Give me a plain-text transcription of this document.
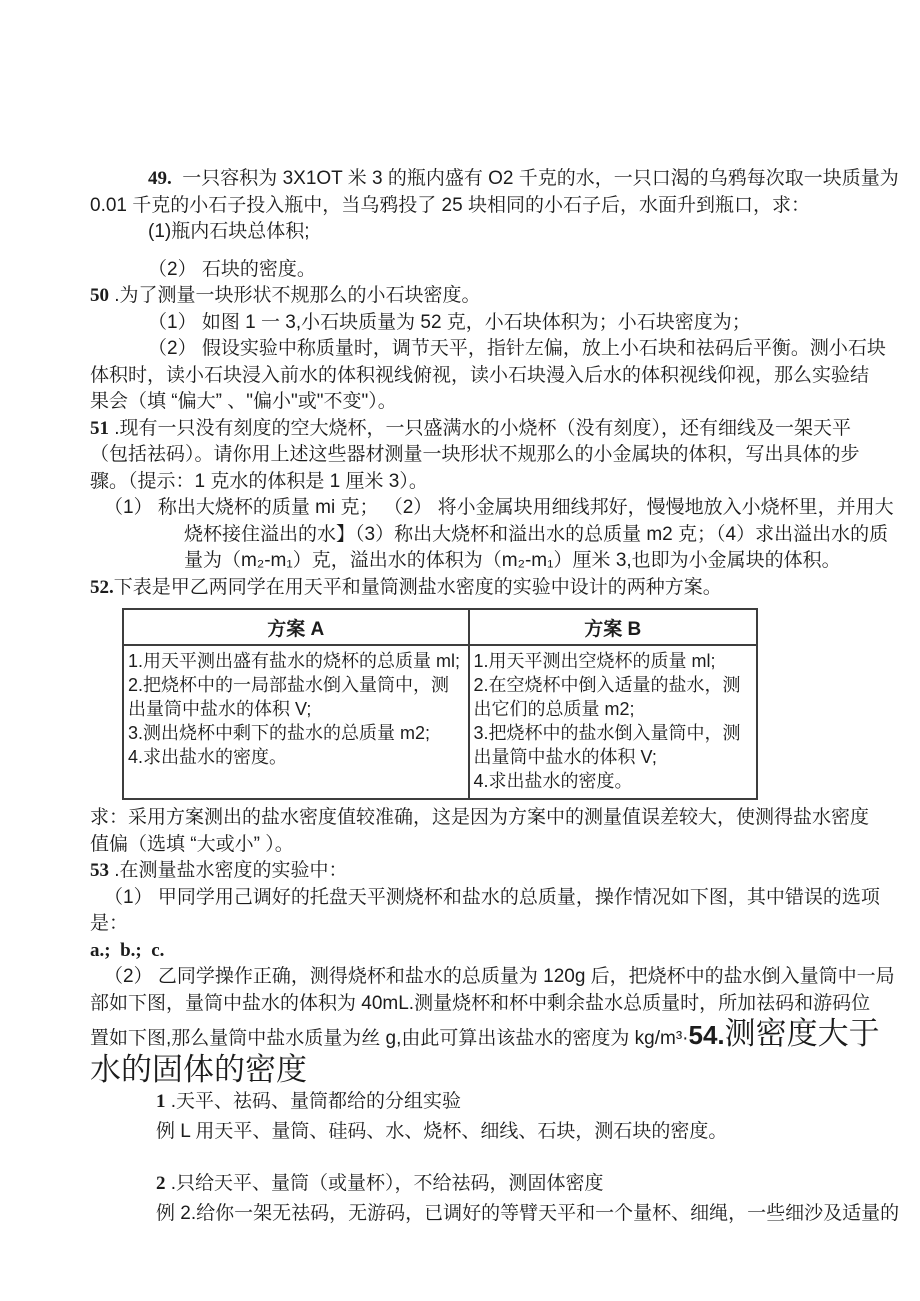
49.  一只容积为 3X1OT 米 3 的瓶内盛有 O2 千克的水，一只口渴的乌鸦每次取一块质量为

0.01 千克的小石子投入瓶中，当乌鸦投了 25 块相同的小石子后，水面升到瓶口，求：

(1)瓶内石块总体积;

（2） 石块的密度。

50 .为了测量一块形状不规那么的小石块密度。

（1） 如图 1 一 3,小石块质量为 52 克，小石块体积为；小石块密度为；

（2） 假设实验中称质量时，调节天平，指针左偏，放上小石块和祛码后平衡。测小石块

体积时，读小石块浸入前水的体积视线俯视，读小石块漫入后水的体积视线仰视，那么实验结

果会（填 “偏大” 、"偏小"或"不变"）。

51 .现有一只没有刻度的空大烧杯，一只盛满水的小烧杯（没有刻度），还有细线及一架天平

（包括祛码）。请你用上述这些器材测量一块形状不规那么的小金属块的体积，写出具体的步

骤。（提示：1 克水的体积是 1 厘米 3）。

（1） 称出大烧杯的质量 mi 克； （2） 将小金属块用细线邦好，慢慢地放入小烧杯里，并用大

烧杯接住溢出的水】（3）称出大烧杯和溢出水的总质量 m2 克；（4）求出溢出水的质

量为（m₂-m₁）克，溢出水的体积为（m₂-m₁）厘米 3,也即为小金属块的体积。

52.下表是甲乙两同学在用天平和量筒测盐水密度的实验中设计的两种方案。

方案 A	方案 B

1.用天平测出盛有盐水的烧杯的总质量 ml;

2.把烧杯中的一局部盐水倒入量筒中，测出量筒中盐水的体积 V;

3.测出烧杯中剩下的盐水的总质量 m2;

4.求出盐水的密度。

1.用天平测出空烧杯的质量 ml;

2.在空烧杯中倒入适量的盐水，测出它们的总质量 m2;

3.把烧杯中的盐水倒入量筒中，测出量筒中盐水的体积 V;

4.求出盐水的密度。

求：采用方案测出的盐水密度值较准确，这是因为方案中的测量值误差较大，使测得盐水密度

值偏（选填 “大或小” ）。

53 .在测量盐水密度的实验中：

（1） 甲同学用己调好的托盘天平测烧杯和盐水的总质量，操作情况如下图，其中错误的选项

是：

a.;  b.;  c.

（2） 乙同学操作正确，测得烧杯和盐水的总质量为 120g 后，把烧杯中的盐水倒入量筒中一局

部如下图，量筒中盐水的体积为 40mL.测量烧杯和杯中剩余盐水总质量时，所加祛码和游码位

置如下图,那么量筒中盐水质量为丝 g,由此可算出该盐水的密度为 kg/m³·54.测密度大于

水的固体的密度

1 .天平、祛码、量筒都给的分组实验

例 L 用天平、量筒、硅码、水、烧杯、细线、石块，测石块的密度。

2 .只给天平、量筒（或量杯），不给祛码，测固体密度

例 2.给你一架无祛码，无游码，已调好的等臂天平和一个量杯、细绳，一些细沙及适量的
